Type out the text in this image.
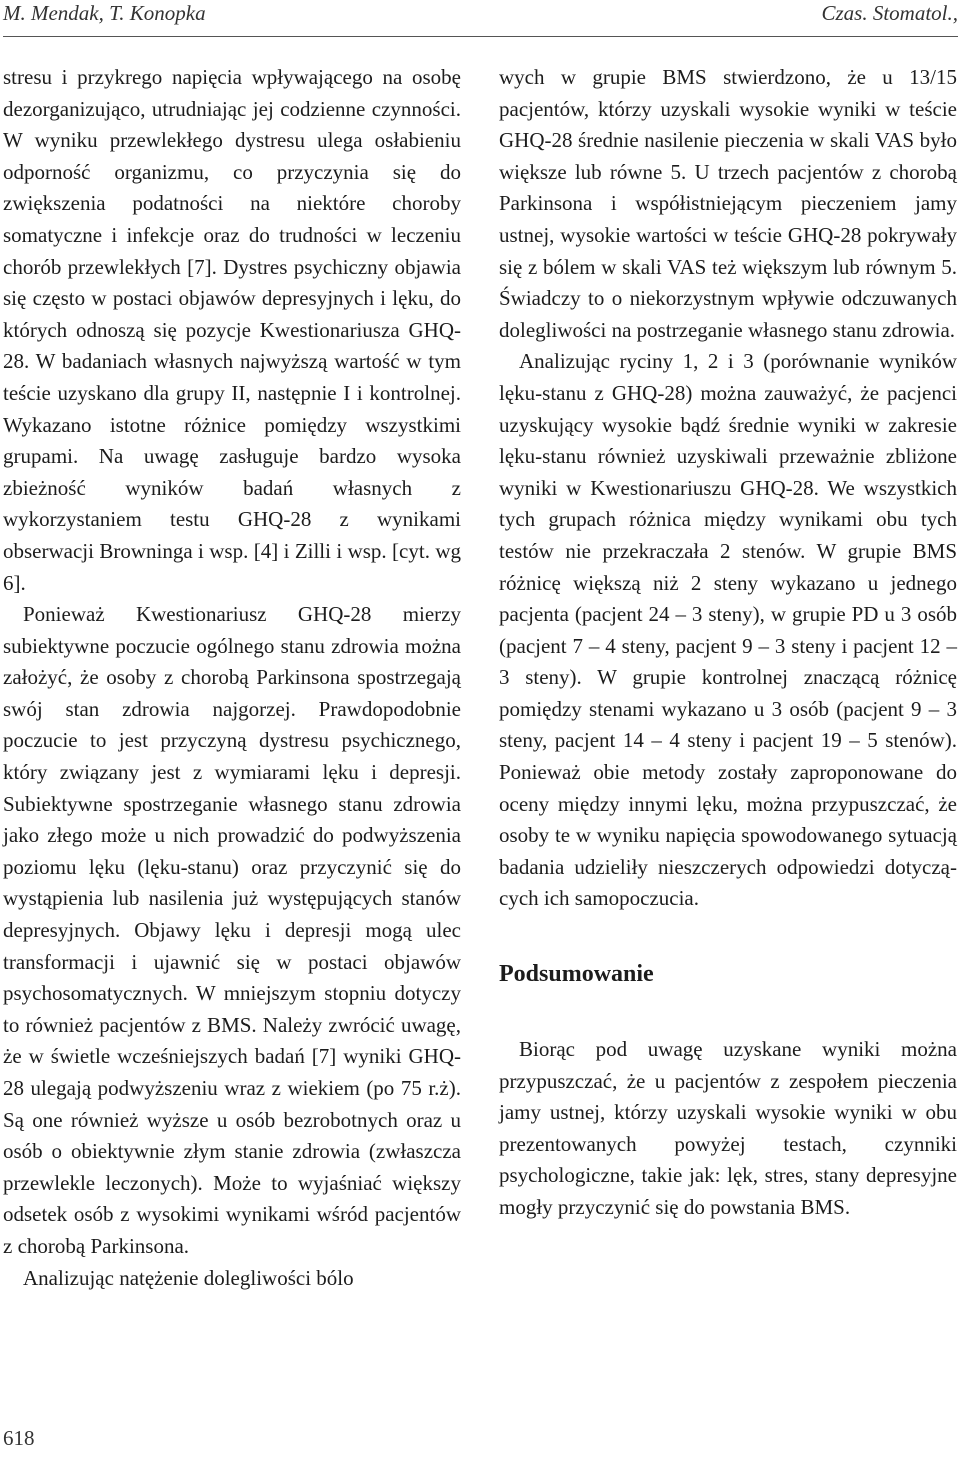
M. Mendak, T. Konopka	Czas. Stomatol.,

stresu i przykrego napięcia wpływającego na osobę dezorganizująco, utrudniając jej codzienne czynności. W wyniku przewlekłego dystresu ulega osłabieniu odporność organizmu, co przyczynia się do zwiększenia podatności na niektóre choroby somatyczne i infekcje oraz do trudności w leczeniu chorób przewlekłych [7]. Dystres psychiczny objawia się często w postaci objawów depresyjnych i lęku, do których odnoszą się pozycje Kwestionariusza GHQ-28. W badaniach własnych najwyższą wartość w tym teście uzyskano dla grupy II, następnie I i kontrolnej. Wykazano istotne różnice pomiędzy wszystkimi grupami. Na uwagę zasługuje bardzo wysoka zbieżność wyników badań własnych z wykorzystaniem testu GHQ-28 z wynikami obserwacji Browninga i wsp. [4] i Zilli i wsp. [cyt. wg 6].

Ponieważ Kwestionariusz GHQ-28 mierzy subiektywne poczucie ogólnego stanu zdrowia można założyć, że osoby z chorobą Parkinsona spostrzegają swój stan zdrowia najgorzej. Prawdopodobnie poczucie to jest przyczyną dystresu psychicznego, który związany jest z wymiarami lęku i depresji. Subiektywne spostrzeganie własnego stanu zdrowia jako złego może u nich prowadzić do podwyższenia poziomu lęku (lęku-stanu) oraz przyczynić się do wystąpienia lub nasilenia już występujących stanów depresyjnych. Objawy lęku i depresji mogą ulec transformacji i ujawnić się w postaci objawów psychosomatycznych. W mniejszym stopniu dotyczy to również pacjentów z BMS. Należy zwrócić uwagę, że w świetle wcześniejszych badań [7] wyniki GHQ-28 ulegają podwyższeniu wraz z wiekiem (po 75 r.ż). Są one również wyższe u osób bezrobotnych oraz u osób o obiektywnie złym stanie zdrowia (zwłaszcza przewlekle leczonych). Może to wyjaśniać większy odsetek osób z wysokimi wynikami wśród pacjentów z chorobą Parkinsona.

Analizując natężenie dolegliwości bólo

wych w grupie BMS stwierdzono, że u 13/15 pacjentów, którzy uzyskali wysokie wyniki w teście GHQ-28 średnie nasilenie pieczenia w skali VAS było większe lub równe 5. U trzech pacjentów z chorobą Parkinsona i współistniejącym pieczeniem jamy ustnej, wysokie wartości w teście GHQ-28 pokrywały się z bólem w skali VAS też większym lub równym 5. Świadczy to o niekorzystnym wpływie odczuwanych dolegliwości na postrzeganie własnego stanu zdrowia.

Analizując ryciny 1, 2 i 3 (porównanie wyników lęku-stanu z GHQ-28) można zauważyć, że pacjenci uzyskujący wysokie bądź średnie wyniki w zakresie lęku-stanu również uzyskiwali przeważnie zbliżone wyniki w Kwestionariuszu GHQ-28. We wszystkich tych grupach różnica między wynikami obu tych testów nie przekraczała 2 stenów. W grupie BMS różnicę większą niż 2 steny wykazano u jednego pacjenta (pacjent 24 – 3 steny), w grupie PD u 3 osób (pacjent 7 – 4 steny, pacjent 9 – 3 steny i pacjent 12 – 3 steny). W grupie kontrolnej znaczącą różnicę pomiędzy stenami wykazano u 3 osób (pacjent 9 – 3 steny, pacjent 14 – 4 steny i pacjent 19 – 5 stenów). Ponieważ obie metody zostały zaproponowane do oceny między innymi lęku, można przypuszczać, że osoby te w wyniku napięcia spowodowanego sytuacją badania udzieliły nieszczerych odpowiedzi dotyczących ich samopoczucia.

Podsumowanie

Biorąc pod uwagę uzyskane wyniki można przypuszczać, że u pacjentów z zespołem pieczenia jamy ustnej, którzy uzyskali wysokie wyniki w obu prezentowanych powyżej testach, czynniki psychologiczne, takie jak: lęk, stres, stany depresyjne mogły przyczynić się do powstania BMS.

618
